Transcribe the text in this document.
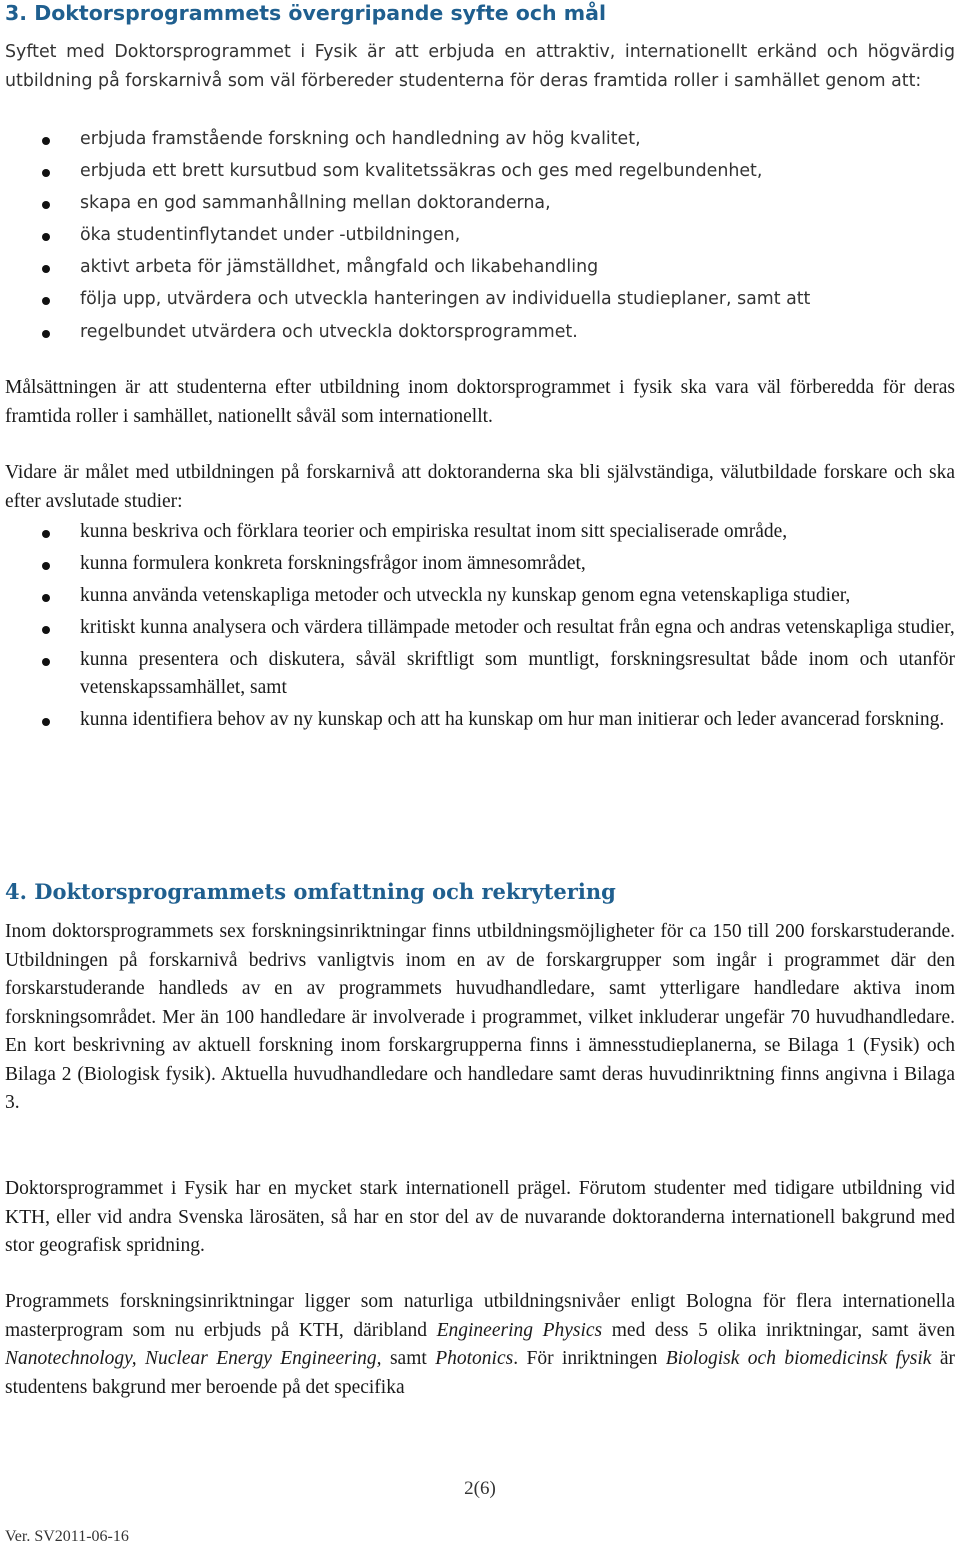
3. Doktorsprogrammets övergripande syfte och mål

Syftet med Doktorsprogrammet i Fysik är att erbjuda en attraktiv, internationellt erkänd och högvärdig utbildning på forskarnivå som väl förbereder studenterna för deras framtida roller i samhället genom att:

erbjuda framstående forskning och handledning av hög kvalitet,
erbjuda ett brett kursutbud som kvalitetssäkras och ges med regelbundenhet,
skapa en god sammanhållning mellan doktoranderna,
öka studentinflytandet under -utbildningen,
aktivt arbeta för jämställdhet, mångfald och likabehandling
följa upp, utvärdera och utveckla hanteringen av individuella studieplaner, samt att
regelbundet utvärdera och utveckla doktorsprogrammet.

Målsättningen är att studenterna efter utbildning inom doktorsprogrammet i fysik ska vara väl förberedda för deras framtida roller i samhället, nationellt såväl som internationellt.

Vidare är målet med utbildningen på forskarnivå att doktoranderna ska bli självständiga, välutbildade forskare och ska efter avslutade studier:

kunna beskriva och förklara teorier och empiriska resultat inom sitt specialiserade område,
kunna formulera konkreta forskningsfrågor inom ämnesområdet,
kunna använda vetenskapliga metoder och utveckla ny kunskap genom egna vetenskapliga studier,
kritiskt kunna analysera och värdera tillämpade metoder och resultat från egna och andras vetenskapliga studier,
kunna presentera och diskutera, såväl skriftligt som muntligt, forskningsresultat både inom och utanför vetenskapssamhället, samt
kunna identifiera behov av ny kunskap och att ha kunskap om hur man initierar och leder avancerad forskning.
4. Doktorsprogrammets omfattning och rekrytering

Inom doktorsprogrammets sex forskningsinriktningar finns utbildningsmöjligheter för ca 150 till 200 forskarstuderande. Utbildningen på forskarnivå bedrivs vanligtvis inom en av de forskargrupper som ingår i programmet där den forskarstuderande handleds av en av programmets huvudhandledare, samt ytterligare handledare aktiva inom forskningsområdet. Mer än 100 handledare är involverade i programmet, vilket inkluderar ungefär 70 huvudhandledare. En kort beskrivning av aktuell forskning inom forskargrupperna finns i ämnesstudieplanerna, se Bilaga 1 (Fysik) och Bilaga 2 (Biologisk fysik). Aktuella huvudhandledare och handledare samt deras huvudinriktning finns angivna i Bilaga 3.

Doktorsprogrammet i Fysik har en mycket stark internationell prägel. Förutom studenter med tidigare utbildning vid KTH, eller vid andra Svenska lärosäten, så har en stor del av de nuvarande doktoranderna internationell bakgrund med stor geografisk spridning.

Programmets forskningsinriktningar ligger som naturliga utbildningsnivåer enligt Bologna för flera internationella masterprogram som nu erbjuds på KTH, däribland Engineering Physics med dess 5 olika inriktningar, samt även Nanotechnology, Nuclear Energy Engineering, samt Photonics. För inriktningen Biologisk och biomedicinsk fysik är studentens bakgrund mer beroende på det specifika

2(6)
Ver. SV2011-06-16
